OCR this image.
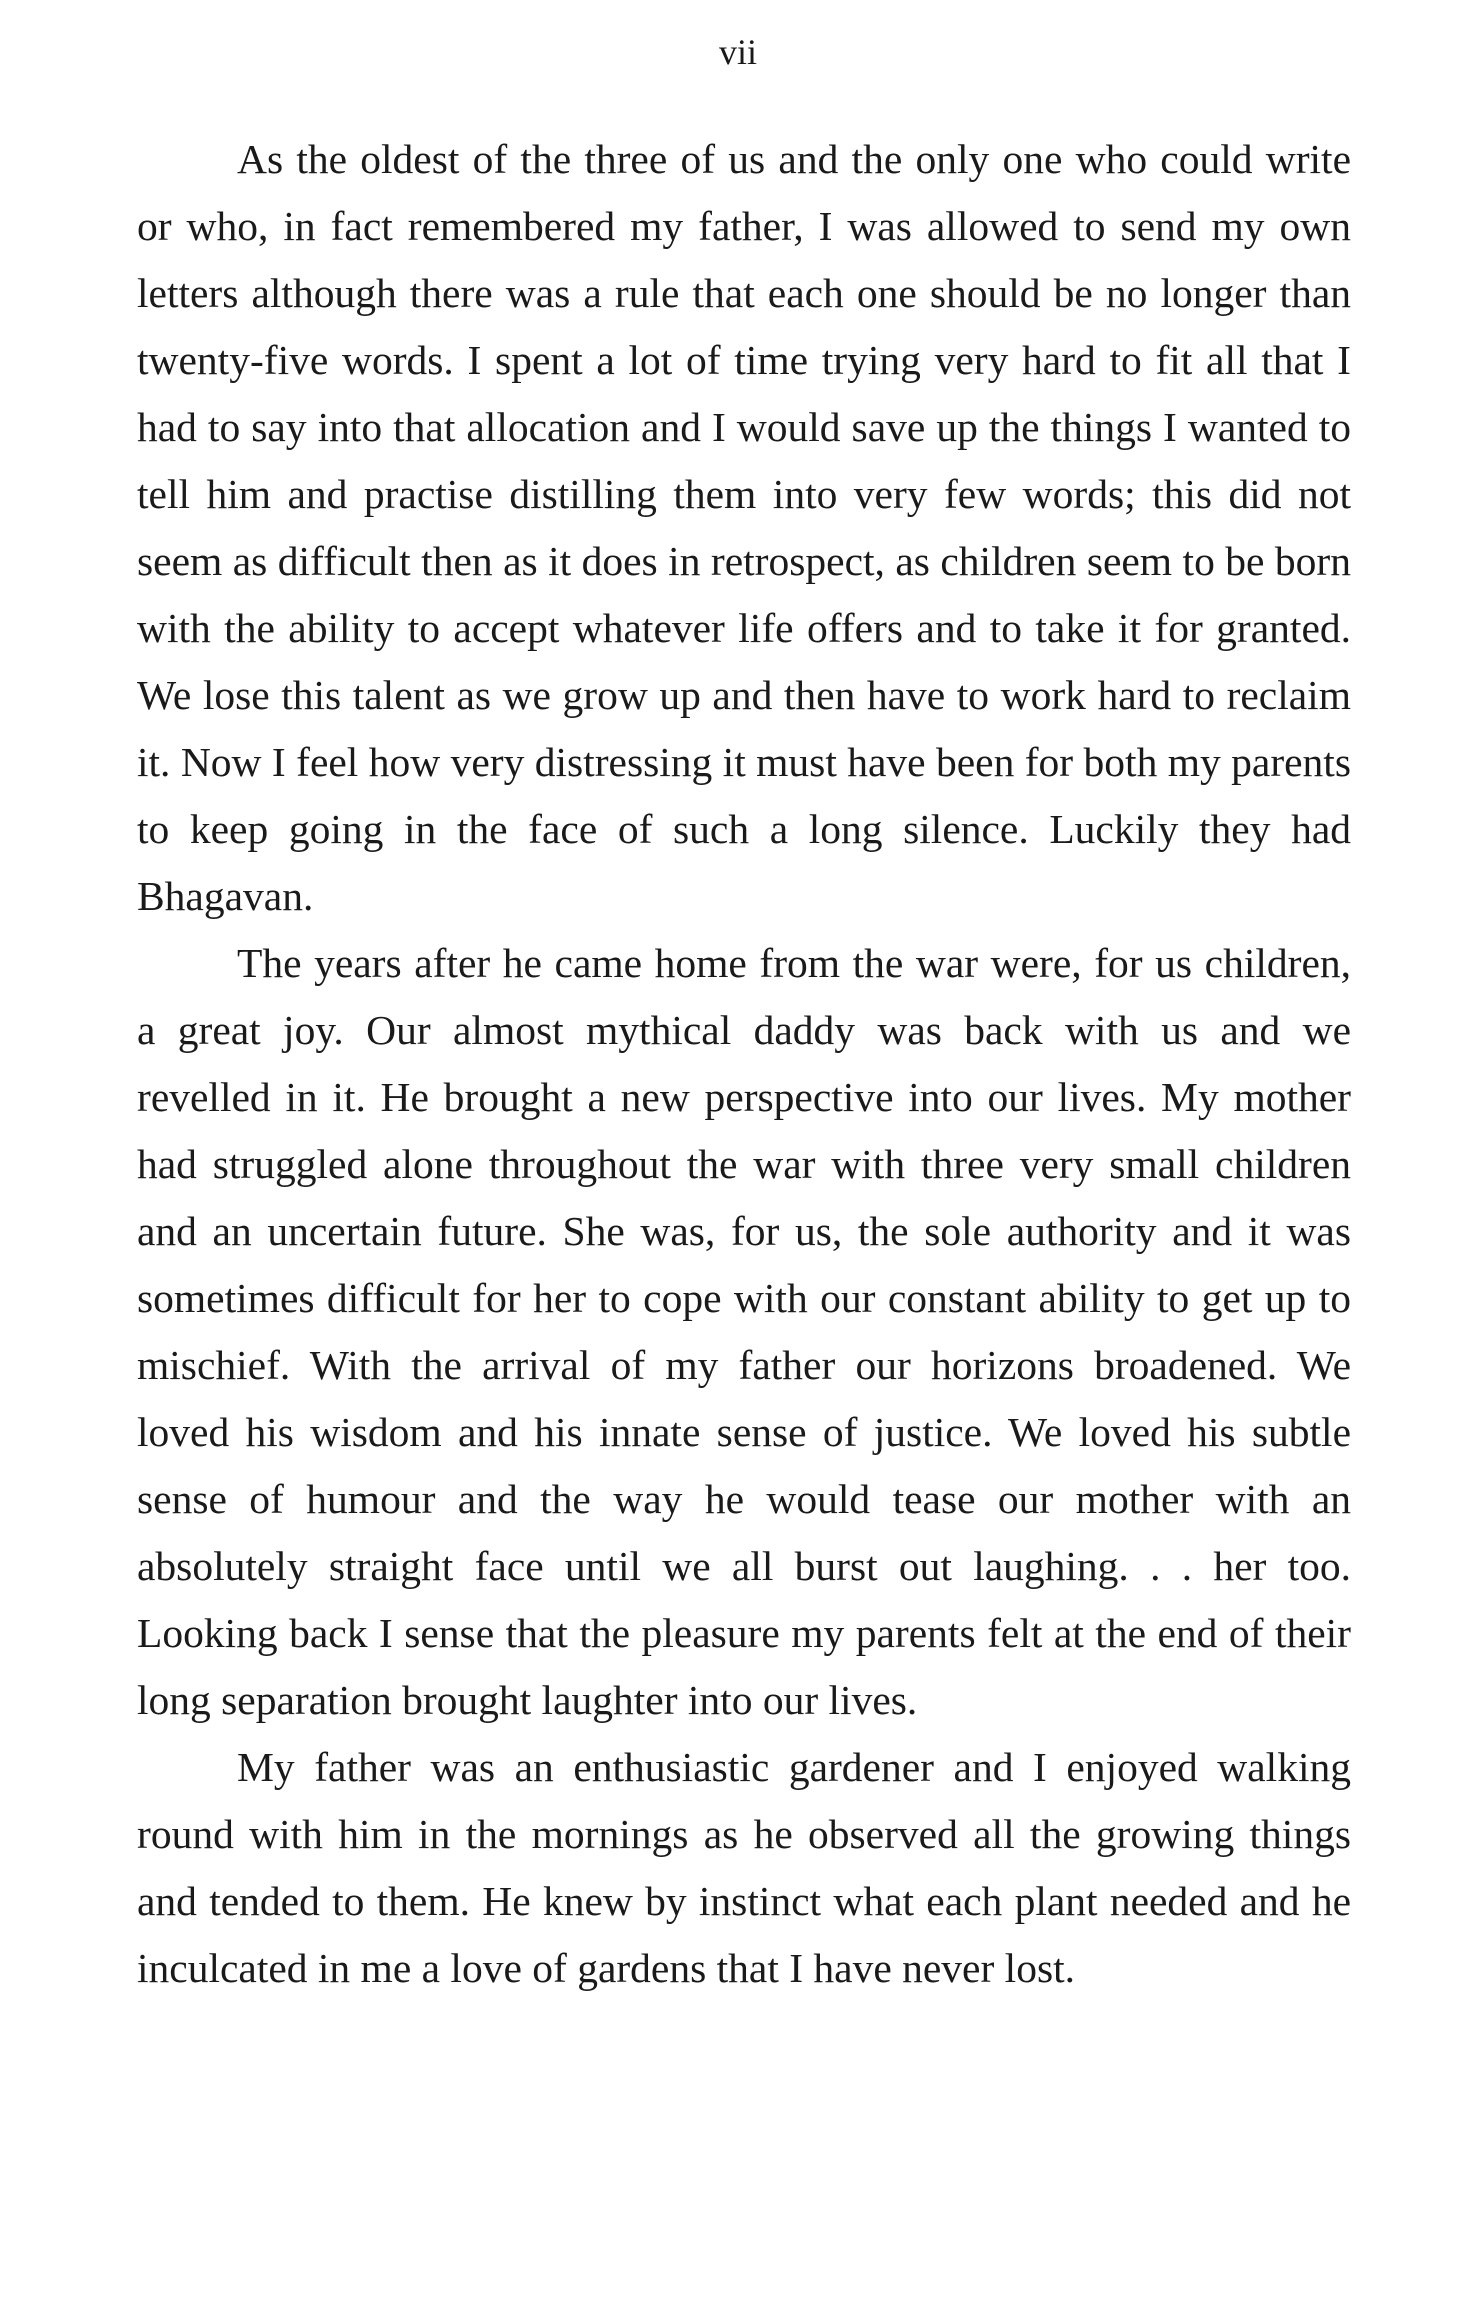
vii

As the oldest of the three of us and the only one who could write or who, in fact remembered my father, I was allowed to send my own letters although there was a rule that each one should be no longer than twenty-five words. I spent a lot of time trying very hard to fit all that I had to say into that allocation and I would save up the things I wanted to tell him and practise distilling them into very few words; this did not seem as difficult then as it does in retrospect, as children seem to be born with the ability to accept whatever life offers and to take it for granted. We lose this talent as we grow up and then have to work hard to reclaim it. Now I feel how very distressing it must have been for both my parents to keep going in the face of such a long silence. Luckily they had Bhagavan.

The years after he came home from the war were, for us children, a great joy. Our almost mythical daddy was back with us and we revelled in it. He brought a new perspective into our lives. My mother had struggled alone throughout the war with three very small children and an uncertain future. She was, for us, the sole authority and it was sometimes difficult for her to cope with our constant ability to get up to mischief. With the arrival of my father our horizons broadened. We loved his wisdom and his innate sense of justice. We loved his subtle sense of humour and the way he would tease our mother with an absolutely straight face until we all burst out laughing. . . her too. Looking back I sense that the pleasure my parents felt at the end of their long separation brought laughter into our lives.

My father was an enthusiastic gardener and I enjoyed walking round with him in the mornings as he observed all the growing things and tended to them. He knew by instinct what each plant needed and he inculcated in me a love of gardens that I have never lost.
